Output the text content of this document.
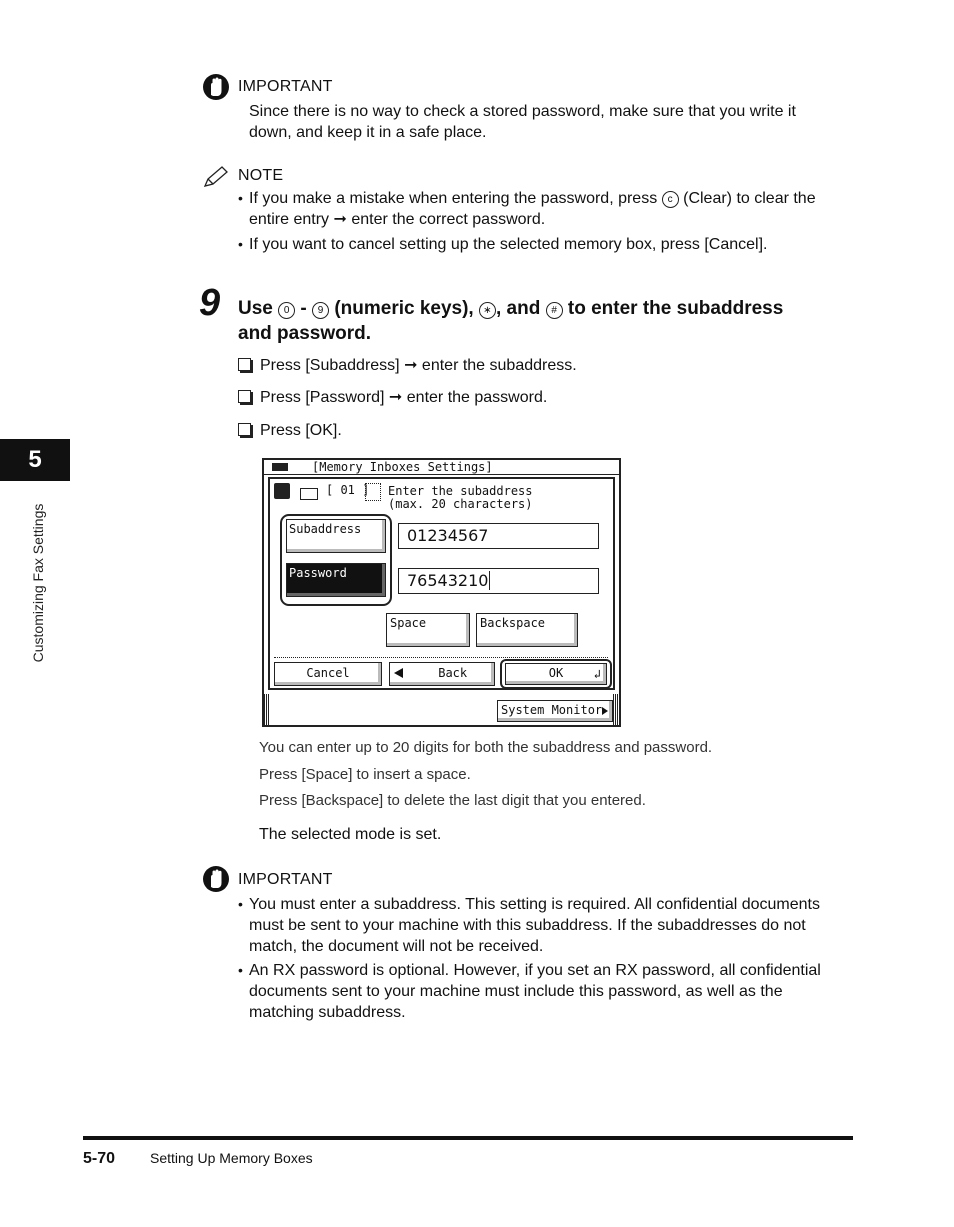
IMPORTANT
Since there is no way to check a stored password, make sure that you write it
down, and keep it in a safe place.
NOTE
• If you make a mistake when entering the password, press c (Clear) to clear the
entire entry ➞ enter the correct password.
• If you want to cancel setting up the selected memory box, press [Cancel].
9 Use 0 - 9 (numeric keys), ∗ , and # to enter the subaddress
and password.
Press [Subaddress] ➞ enter the subaddress.
Press [Password] ➞ enter the password.
Press [OK].
[Memory Inboxes Settings]
[ 01 ] Enter the subaddress
(max. 20 characters)
Subaddress	01234567
Password	76543210
Space	Backspace
Cancel	Back	OK	↲
System Monitor
You can enter up to 20 digits for both the subaddress and password.
Press [Space] to insert a space.
Press [Backspace] to delete the last digit that you entered.
The selected mode is set.
IMPORTANT
• You must enter a subaddress. This setting is required. All confidential documents
must be sent to your machine with this subaddress. If the subaddresses do not
match, the document will not be received.
• An RX password is optional. However, if you set an RX password, all confidential
documents sent to your machine must include this password, as well as the
matching subaddress.
5
Customizing Fax Settings
5-70 Setting Up Memory Boxes
